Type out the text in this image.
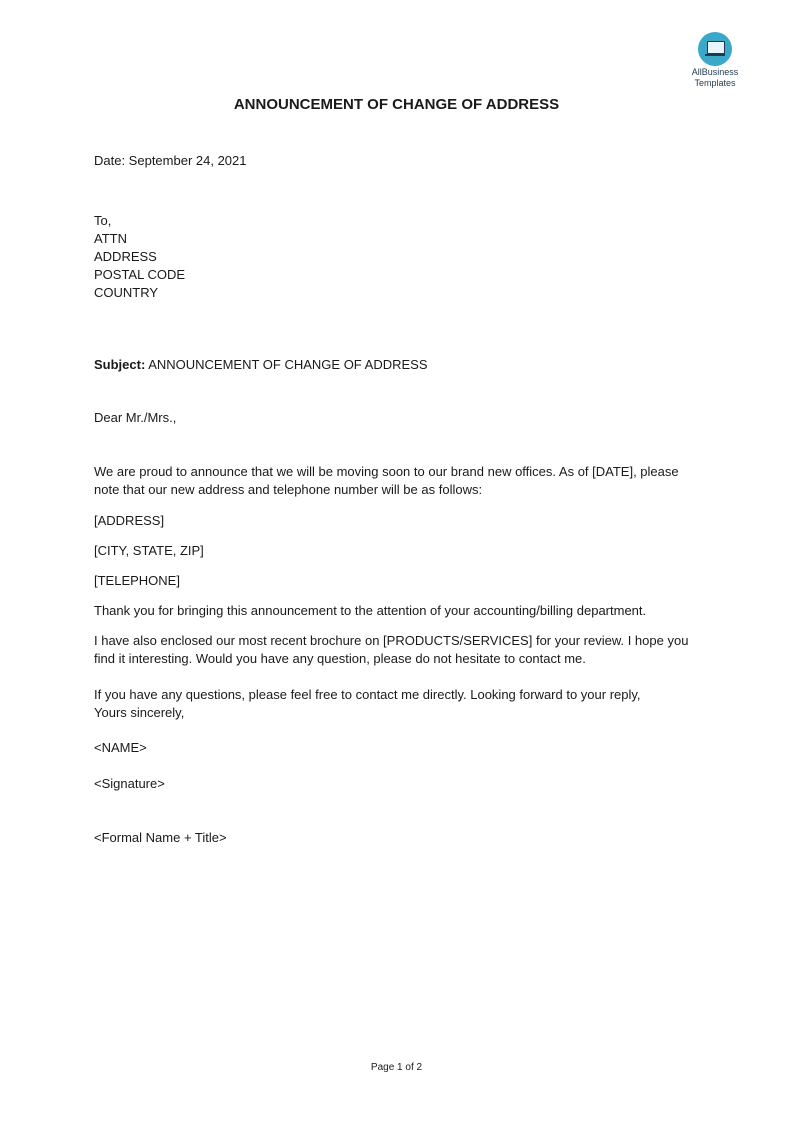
AllBusiness
Templates
ANNOUNCEMENT OF CHANGE OF ADDRESS
Date: September 24, 2021
To,
ATTN
ADDRESS
POSTAL CODE
COUNTRY
Subject: ANNOUNCEMENT OF CHANGE OF ADDRESS
Dear Mr./Mrs.,
We are proud to announce that we will be moving soon to our brand new offices. As of [DATE], please note that our new address and telephone number will be as follows:
[ADDRESS]
[CITY, STATE, ZIP]
[TELEPHONE]
Thank you for bringing this announcement to the attention of your accounting/billing department.
I have also enclosed our most recent brochure on [PRODUCTS/SERVICES] for your review. I hope you find it interesting. Would you have any question, please do not hesitate to contact me.
If you have any questions, please feel free to contact me directly. Looking forward to your reply,
Yours sincerely,
<NAME>
<Signature>
<Formal Name + Title>
Page 1 of 2
